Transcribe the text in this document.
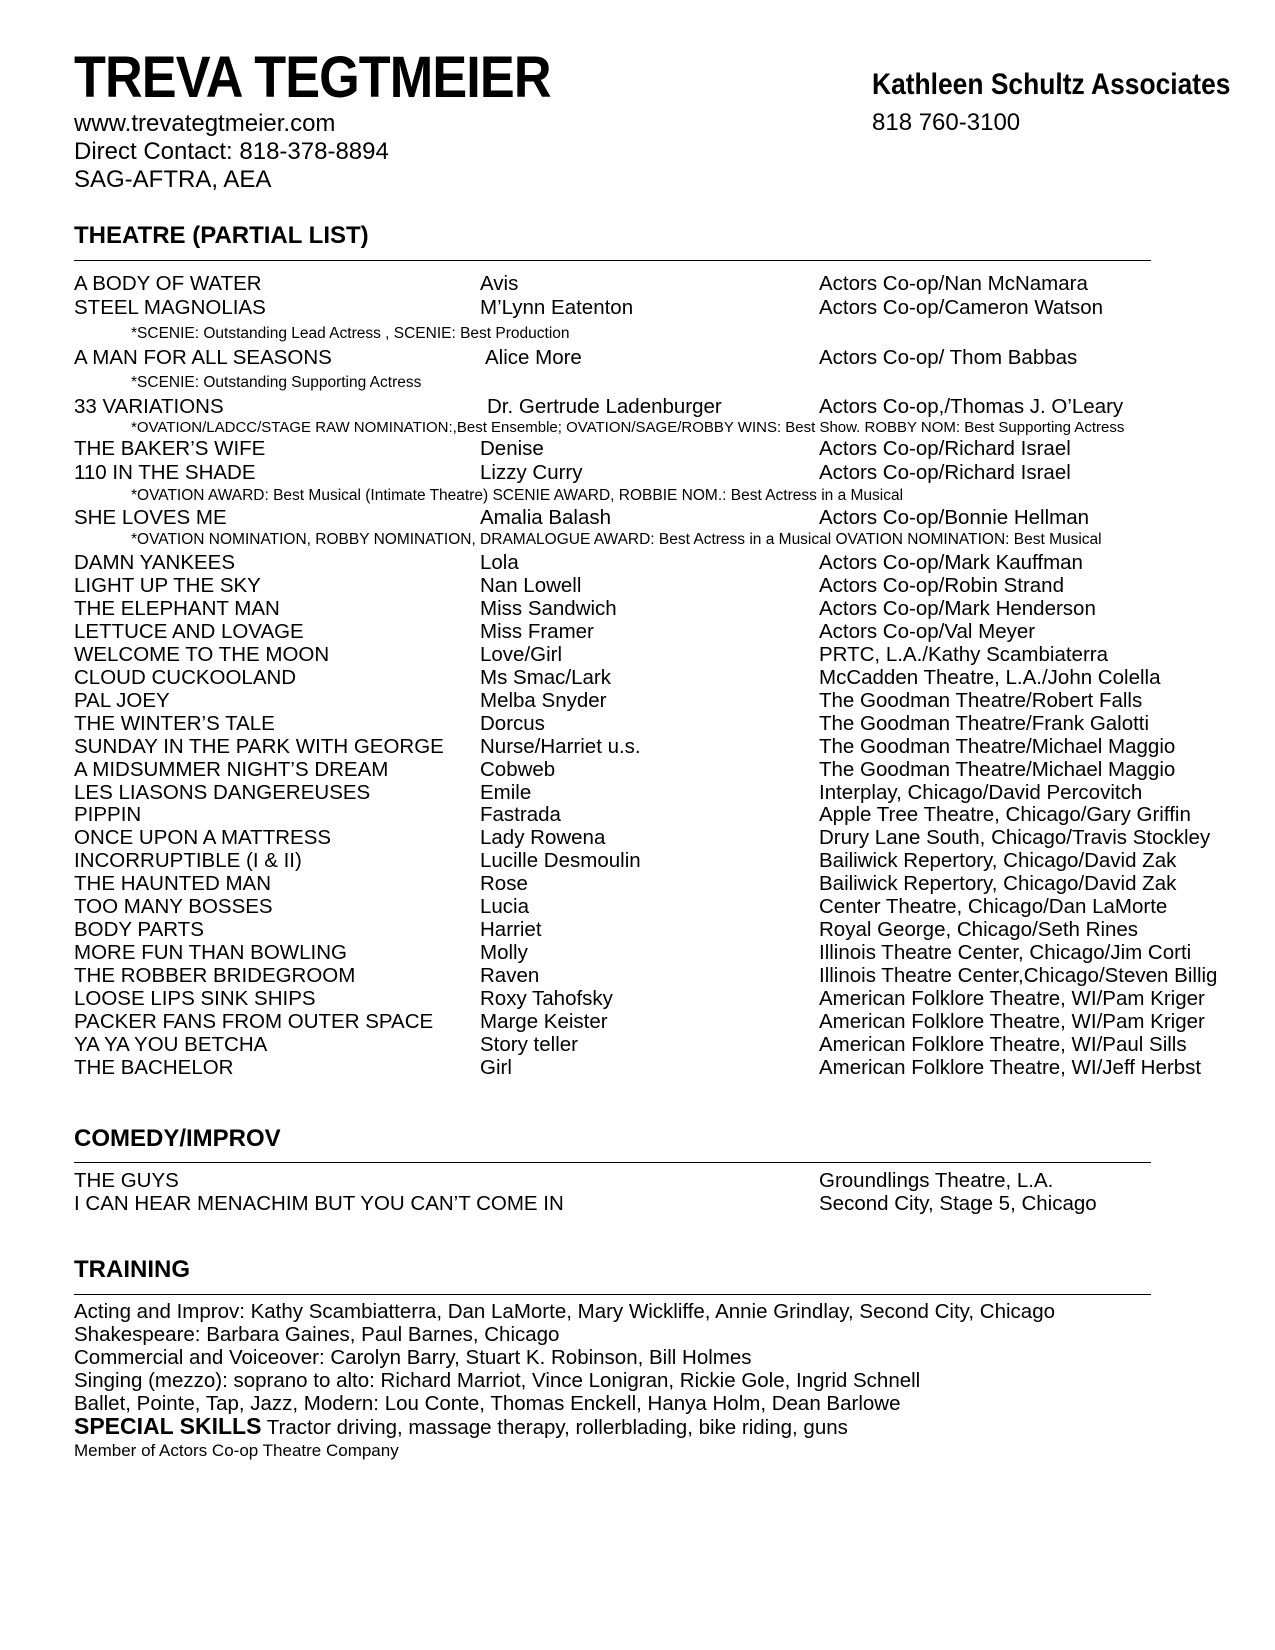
TREVA TEGTMEIER
www.trevategtmeier.com
Direct Contact: 818-378-8894
SAG-AFTRA, AEA
Kathleen Schultz Associates
818 760-3100
THEATRE (PARTIAL LIST)
A BODY OF WATER	Avis	Actors Co-op/Nan McNamara
STEEL MAGNOLIAS	M’Lynn Eatenton	Actors Co-op/Cameron Watson
*SCENIE: Outstanding Lead Actress , SCENIE: Best Production
A MAN FOR ALL SEASONS	Alice More	Actors Co-op/ Thom Babbas
*SCENIE: Outstanding Supporting Actress
33 VARIATIONS	Dr. Gertrude Ladenburger	Actors Co-op,/Thomas J. O’Leary
*OVATION/LADCC/STAGE RAW NOMINATION:,Best Ensemble; OVATION/SAGE/ROBBY WINS: Best Show. ROBBY NOM: Best Supporting Actress
THE BAKER’S WIFE	Denise	Actors Co-op/Richard Israel
110 IN THE SHADE	Lizzy Curry	Actors Co-op/Richard Israel
*OVATION AWARD: Best Musical (Intimate Theatre) SCENIE AWARD, ROBBIE NOM.: Best Actress in a Musical
SHE LOVES ME	Amalia Balash	Actors Co-op/Bonnie Hellman
*OVATION NOMINATION, ROBBY NOMINATION, DRAMALOGUE AWARD: Best Actress in a Musical OVATION NOMINATION: Best Musical
DAMN YANKEES	Lola	Actors Co-op/Mark Kauffman
LIGHT UP THE SKY	Nan Lowell	Actors Co-op/Robin Strand
THE ELEPHANT MAN	Miss Sandwich	Actors Co-op/Mark Henderson
LETTUCE AND LOVAGE	Miss Framer	Actors Co-op/Val Meyer
WELCOME TO THE MOON	Love/Girl	PRTC, L.A./Kathy Scambiaterra
CLOUD CUCKOOLAND	Ms Smac/Lark	McCadden Theatre, L.A./John Colella
PAL JOEY	Melba Snyder	The Goodman Theatre/Robert Falls
THE WINTER’S TALE	Dorcus	The Goodman Theatre/Frank Galotti
SUNDAY IN THE PARK WITH GEORGE Nurse/Harriet u.s.	The Goodman Theatre/Michael Maggio
A MIDSUMMER NIGHT’S DREAM	Cobweb	The Goodman Theatre/Michael Maggio
LES LIASONS DANGEREUSES	Emile	Interplay, Chicago/David Percovitch
PIPPIN	Fastrada	Apple Tree Theatre, Chicago/Gary Griffin
ONCE UPON A MATTRESS	Lady Rowena	Drury Lane South, Chicago/Travis Stockley
INCORRUPTIBLE (I & II)	Lucille Desmoulin	Bailiwick Repertory, Chicago/David Zak
THE HAUNTED MAN	Rose	Bailiwick Repertory, Chicago/David Zak
TOO MANY BOSSES	Lucia	Center Theatre, Chicago/Dan LaMorte
BODY PARTS	Harriet	Royal George, Chicago/Seth Rines
MORE FUN THAN BOWLING	Molly	Illinois Theatre Center, Chicago/Jim Corti
THE ROBBER BRIDEGROOM	Raven	Illinois Theatre Center,Chicago/Steven Billig
LOOSE LIPS SINK SHIPS	Roxy Tahofsky	American Folklore Theatre, WI/Pam Kriger
PACKER FANS FROM OUTER SPACE Marge Keister	American Folklore Theatre, WI/Pam Kriger
YA YA YOU BETCHA	Story teller	American Folklore Theatre, WI/Paul Sills
THE BACHELOR	Girl	American Folklore Theatre, WI/Jeff Herbst
COMEDY/IMPROV
THE GUYS	Groundlings Theatre, L.A.
I CAN HEAR MENACHIM BUT YOU CAN’T COME IN	Second City, Stage 5, Chicago
TRAINING
Acting and Improv: Kathy Scambiatterra, Dan LaMorte, Mary Wickliffe, Annie Grindlay, Second City, Chicago
Shakespeare: Barbara Gaines, Paul Barnes, Chicago
Commercial and Voiceover: Carolyn Barry, Stuart K. Robinson, Bill Holmes
Singing (mezzo): soprano to alto: Richard Marriot, Vince Lonigran, Rickie Gole, Ingrid Schnell
Ballet, Pointe, Tap, Jazz, Modern: Lou Conte, Thomas Enckell, Hanya Holm, Dean Barlowe
SPECIAL SKILLS Tractor driving, massage therapy, rollerblading, bike riding, guns
Member of Actors Co-op Theatre Company
